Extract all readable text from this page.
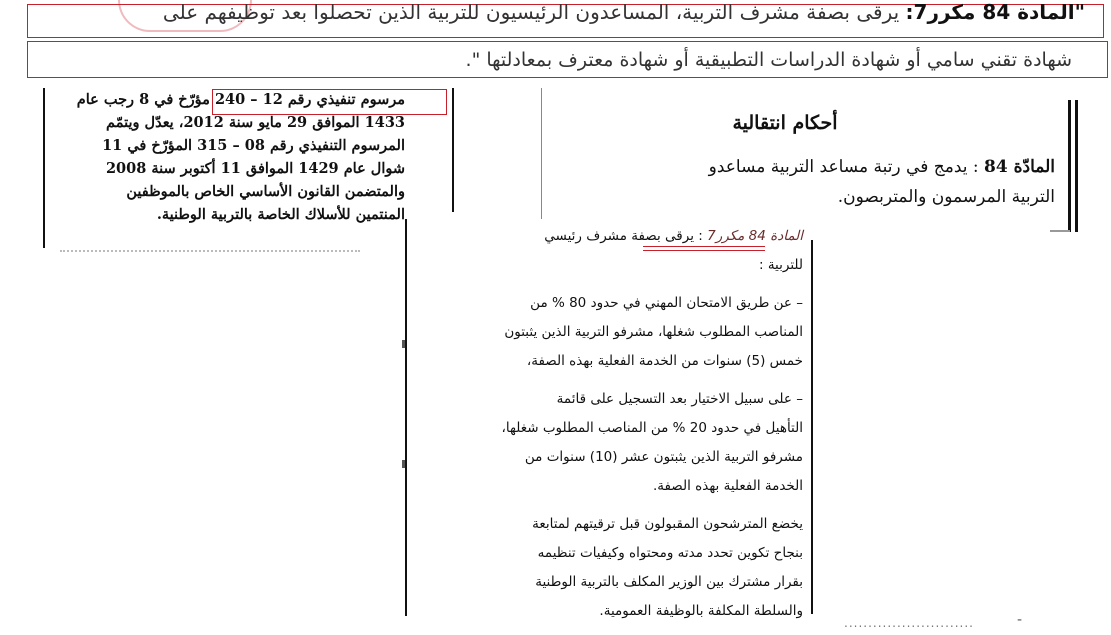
"المادة 84 مكرر7: يرقى بصفة مشرف التربية، المساعدون الرئيسيون للتربية الذين تحصلوا بعد توظيفهم على
شهادة تقني سامي أو شهادة الدراسات التطبيقية أو شهادة معترف بمعادلتها ".
مرسوم تنفيذي رقم 12 – 240 مؤرّخ في 8 رجب عام
1433 الموافق 29 مايو سنة 2012، يعدّل ويتمّم
المرسوم التنفيذي رقم 08 – 315 المؤرّخ في 11
شوال عام 1429 الموافق 11 أكتوبر سنة 2008
والمتضمن القانون الأساسي الخاص بالموظفين
المنتمين للأسلاك الخاصة بالتربية الوطنية.
أحكام انتقالية
المادّة 84 : يدمج في رتبة مساعد التربية مساعدو
التربية المرسمون والمتربصون.
المادة 84 مكرر7 : يرقى بصفة مشرف رئيسي
للتربية :
– عن طريق الامتحان المهني في حدود 80 % من
المناصب المطلوب شغلها، مشرفو التربية الذين يثبتون
خمس (5) سنوات من الخدمة الفعلية بهذه الصفة،
– على سبيل الاختيار بعد التسجيل على قائمة
التأهيل في حدود 20 % من المناصب المطلوب شغلها،
مشرفو التربية الذين يثبتون عشر (10) سنوات من
الخدمة الفعلية بهذه الصفة.
يخضع المترشحون المقبولون قبل ترقيتهم لمتابعة
بنجاح تكوين تحدد مدته ومحتواه وكيفيات تنظيمه
بقرار مشترك بين الوزير المكلف بالتربية الوطنية
والسلطة المكلفة بالوظيفة العمومية.
...........................	-
